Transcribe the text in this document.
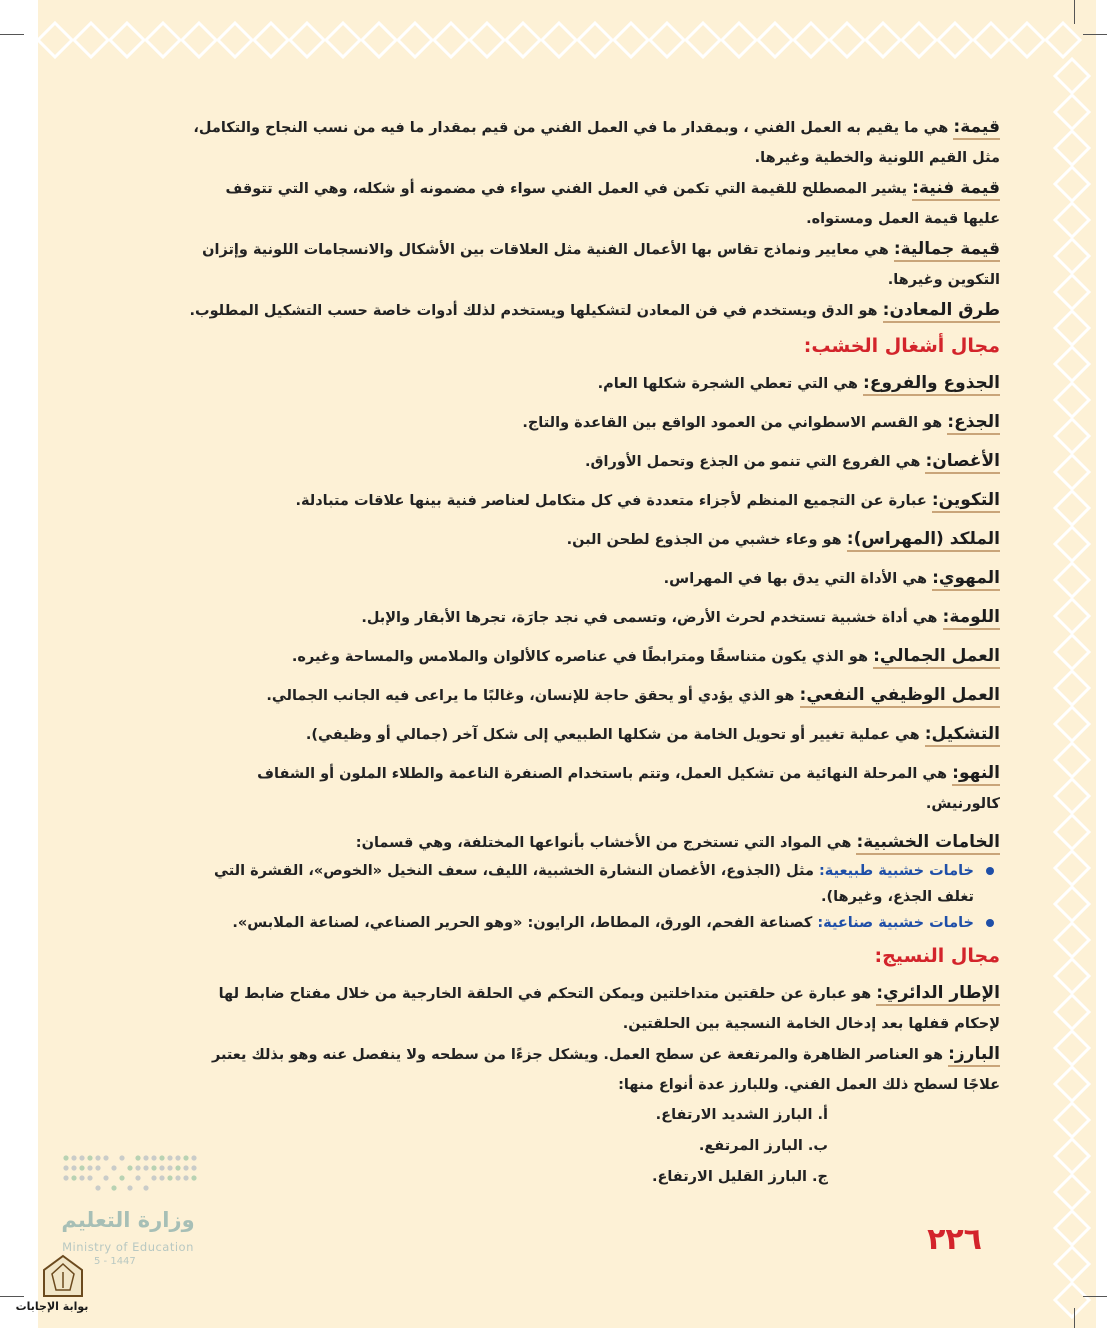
قيمة: هي ما يقيم به العمل الفني ، وبمقدار ما في العمل الفني من قيم بمقدار ما فيه من نسب النجاح والتكامل، مثل القيم اللونية والخطية وغيرها.

قيمة فنية: يشير المصطلح للقيمة التي تكمن في العمل الفني سواء في مضمونه أو شكله، وهي التي تتوقف عليها قيمة العمل ومستواه.

قيمة جمالية: هي معايير ونماذج تقاس بها الأعمال الفنية مثل العلاقات بين الأشكال والانسجامات اللونية وإتزان التكوين وغيرها.

طرق المعادن: هو الدق ويستخدم في فن المعادن لتشكيلها ويستخدم لذلك أدوات خاصة حسب التشكيل المطلوب.

مجال أشغال الخشب:

الجذوع والفروع: هي التي تعطي الشجرة شكلها العام.

الجذع: هو القسم الاسطواني من العمود الواقع بين القاعدة والتاج.

الأغصان: هي الفروع التي تنمو من الجذع وتحمل الأوراق.

التكوين: عبارة عن التجميع المنظم لأجزاء متعددة في كل متكامل لعناصر فنية بينها علاقات متبادلة.

الملكد (المهراس): هو وعاء خشبي من الجذوع لطحن البن.

المهوي: هي الأداة التي يدق بها في المهراس.

اللومة: هي أداة خشبية تستخدم لحرث الأرض، وتسمى في نجد جارَة، تجرها الأبقار والإبل.

العمل الجمالي: هو الذي يكون متناسقًا ومترابطًا في عناصره كالألوان والملامس والمساحة وغيره.

العمل الوظيفي النفعي: هو الذي يؤدي أو يحقق حاجة للإنسان، وغالبًا ما يراعى فيه الجانب الجمالي.

التشكيل: هي عملية تغيير أو تحويل الخامة من شكلها الطبيعي إلى شكل آخر (جمالي أو وظيفي).

النهو: هي المرحلة النهائية من تشكيل العمل، وتتم باستخدام الصنفرة الناعمة والطلاء الملون أو الشفاف كالورنيش.

الخامات الخشبية: هي المواد التي تستخرج من الأخشاب بأنواعها المختلفة، وهي قسمان:

خامات خشبية طبيعية: مثل (الجذوع، الأغصان النشارة الخشبية، الليف، سعف النخيل «الخوص»، القشرة التي تغلف الجذع، وغيرها).

خامات خشبية صناعية: كصناعة الفحم، الورق، المطاط، الرايون: «وهو الحرير الصناعي، لصناعة الملابس».

مجال النسيج:

الإطار الدائري: هو عبارة عن حلقتين متداخلتين ويمكن التحكم في الحلقة الخارجية من خلال مفتاح ضابط لها لإحكام قفلها بعد إدخال الخامة النسجية بين الحلقتين.

البارز: هو العناصر الظاهرة والمرتفعة عن سطح العمل. ويشكل جزءًا من سطحه ولا ينفصل عنه وهو بذلك يعتبر علاجًا لسطح ذلك العمل الفني. وللبارز عدة أنواع منها:

أ. البارز الشديد الارتفاع.

ب. البارز المرتفع.

ج. البارز القليل الارتفاع.

٢٢٦
وزارة التعليم
Ministry of Education
5 - 1447
بوابة الإجابات
